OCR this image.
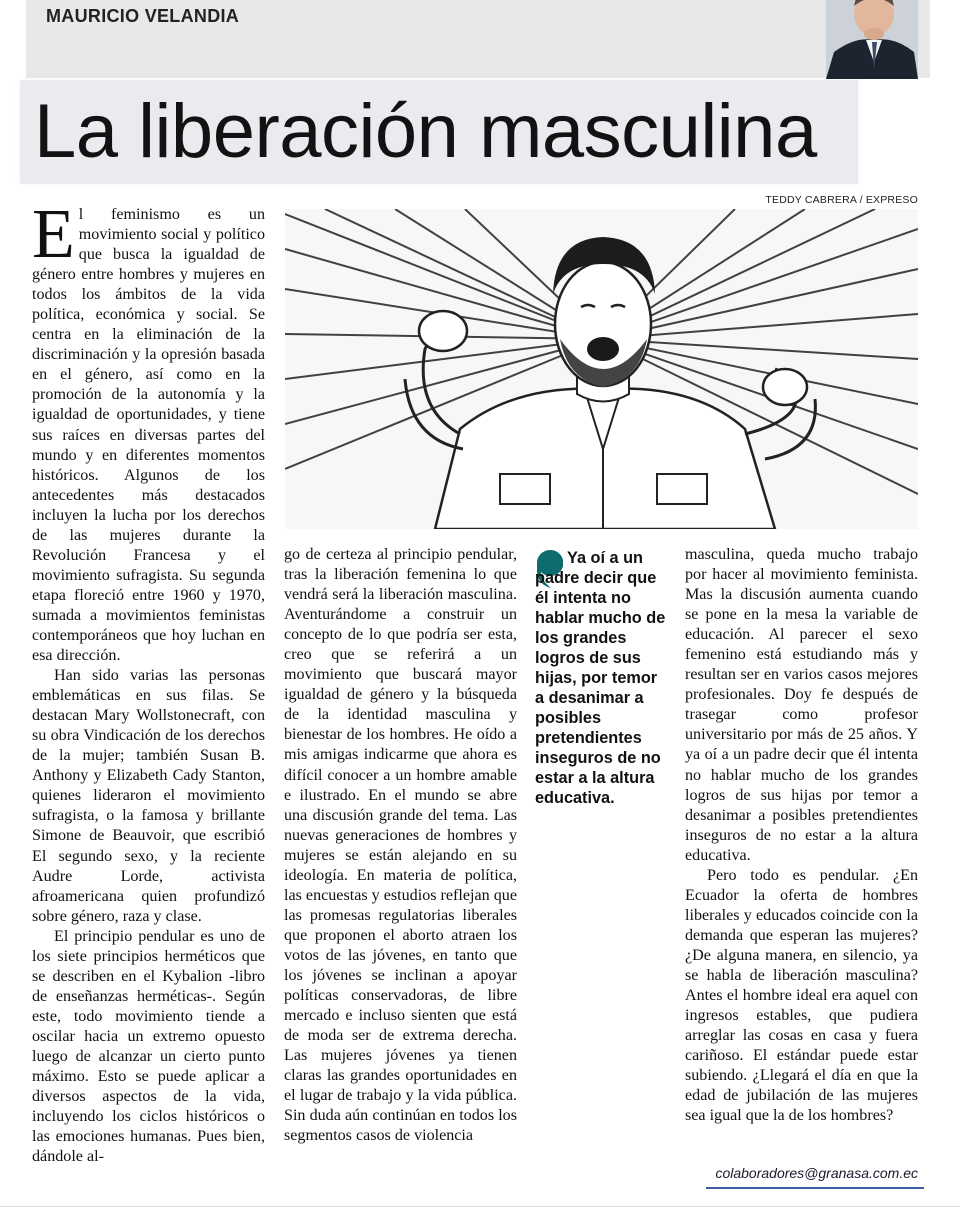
MAURICIO VELANDIA
La liberación masculina
TEDDY CABRERA / EXPRESO

El feminismo es un movimiento social y político que busca la igualdad de género entre hombres y mujeres en todos los ámbitos de la vida política, económica y social. Se centra en la eliminación de la discriminación y la opresión basada en el género, así como en la promoción de la autonomía y la igualdad de oportunidades, y tiene sus raíces en diversas partes del mundo y en diferentes momentos históricos. Algunos de los antecedentes más destacados incluyen la lucha por los derechos de las mujeres durante la Revolución Francesa y el movimiento sufragista. Su segunda etapa floreció entre 1960 y 1970, sumada a movimientos feministas contemporáneos que hoy luchan en esa dirección.

Han sido varias las personas emblemáticas en sus filas. Se destacan Mary Wollstonecraft, con su obra Vindicación de los derechos de la mujer; también Susan B. Anthony y Elizabeth Cady Stanton, quienes lideraron el movimiento sufragista, o la famosa y brillante Simone de Beauvoir, que escribió El segundo sexo, y la reciente Audre Lorde, activista afroamericana quien profundizó sobre género, raza y clase.

El principio pendular es uno de los siete principios herméticos que se describen en el Kybalion -libro de enseñanzas herméticas-. Según este, todo movimiento tiende a oscilar hacia un extremo opuesto luego de alcanzar un cierto punto máximo. Esto se puede aplicar a diversos aspectos de la vida, incluyendo los ciclos históricos o las emociones humanas. Pues bien, dándole al-

go de certeza al principio pendular, tras la liberación femenina lo que vendrá será la liberación masculina. Aventurándome a construir un concepto de lo que podría ser esta, creo que se referirá a un movimiento que buscará mayor igualdad de género y la búsqueda de la identidad masculina y bienestar de los hombres. He oído a mis amigas indicarme que ahora es difícil conocer a un hombre amable e ilustrado. En el mundo se abre una discusión grande del tema. Las nuevas generaciones de hombres y mujeres se están alejando en su ideología. En materia de política, las encuestas y estudios reflejan que las promesas regulatorias liberales que proponen el aborto atraen los votos de las jóvenes, en tanto que los jóvenes se inclinan a apoyar políticas conservadoras, de libre mercado e incluso sienten que está de moda ser de extrema derecha. Las mujeres jóvenes ya tienen claras las grandes oportunidades en el lugar de trabajo y la vida pública. Sin duda aún continúan en todos los segmentos casos de violencia

Ya oí a un padre decir que él intenta no hablar mucho de los grandes logros de sus hijas, por temor a desanimar a posibles pretendientes inseguros de no estar a la altura educativa.

masculina, queda mucho trabajo por hacer al movimiento feminista. Mas la discusión aumenta cuando se pone en la mesa la variable de educación. Al parecer el sexo femenino está estudiando más y resultan ser en varios casos mejores profesionales. Doy fe después de trasegar como profesor universitario por más de 25 años. Y ya oí a un padre decir que él intenta no hablar mucho de los grandes logros de sus hijas por temor a desanimar a posibles pretendientes inseguros de no estar a la altura educativa.

Pero todo es pendular. ¿En Ecuador la oferta de hombres liberales y educados coincide con la demanda que esperan las mujeres? ¿De alguna manera, en silencio, ya se habla de liberación masculina? Antes el hombre ideal era aquel con ingresos estables, que pudiera arreglar las cosas en casa y fuera cariñoso. El estándar puede estar subiendo. ¿Llegará el día en que la edad de jubilación de las mujeres sea igual que la de los hombres?

colaboradores@granasa.com.ec
